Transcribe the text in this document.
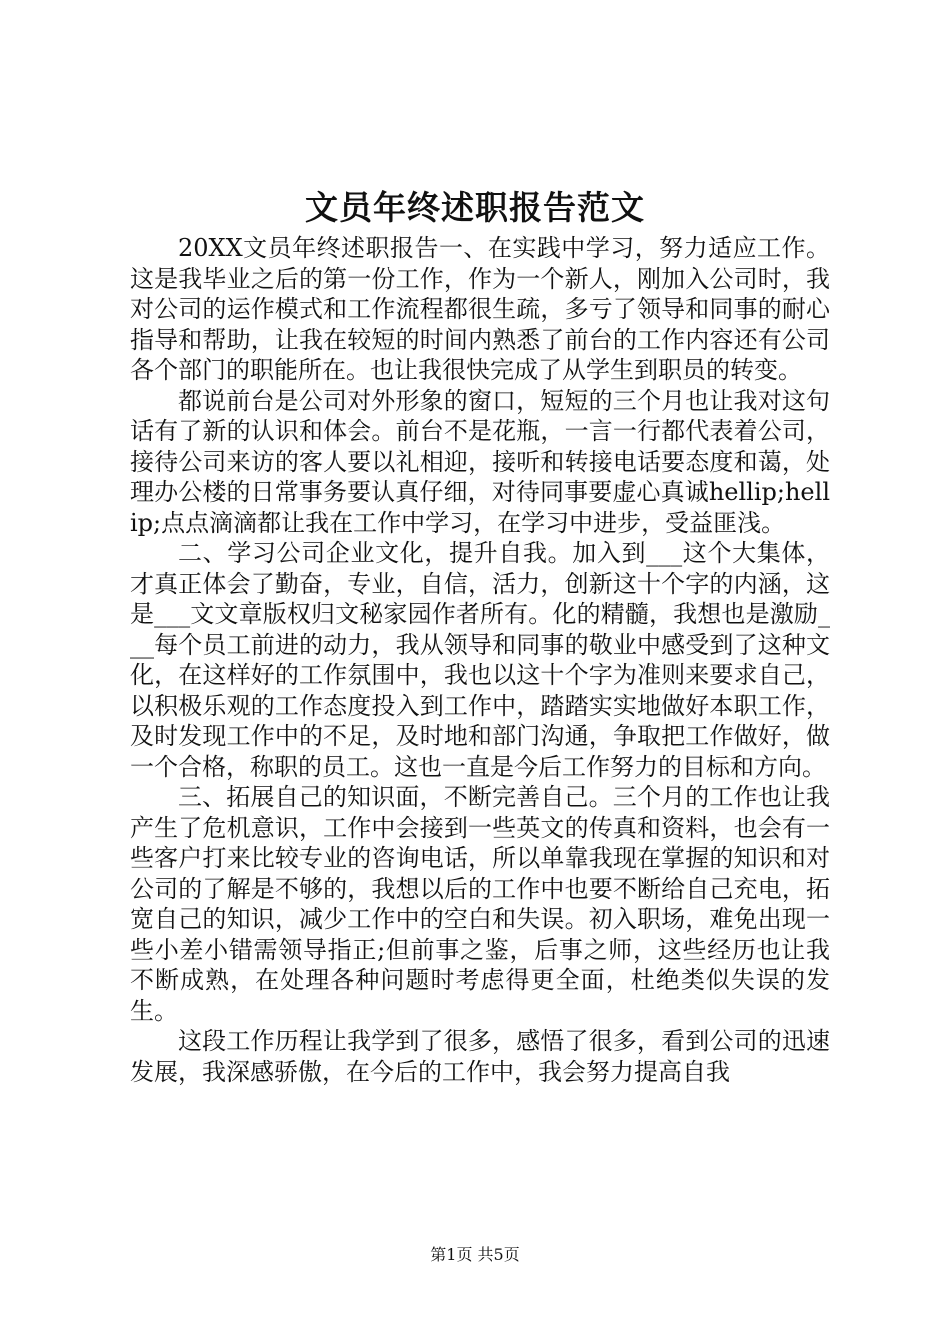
文员年终述职报告范文

20XX文员年终述职报告一、在实践中学习，努力适应工作。这是我毕业之后的第一份工作，作为一个新人，刚加入公司时，我对公司的运作模式和工作流程都很生疏，多亏了领导和同事的耐心指导和帮助，让我在较短的时间内熟悉了前台的工作内容还有公司各个部门的职能所在。也让我很快完成了从学生到职员的转变。

都说前台是公司对外形象的窗口，短短的三个月也让我对这句话有了新的认识和体会。前台不是花瓶，一言一行都代表着公司，接待公司来访的客人要以礼相迎，接听和转接电话要态度和蔼，处理办公楼的日常事务要认真仔细，对待同事要虚心真诚hellip;hellip;点点滴滴都让我在工作中学习，在学习中进步，受益匪浅。

二、学习公司企业文化，提升自我。加入到___这个大集体，才真正体会了勤奋，专业，自信，活力，创新这十个字的内涵，这是___文文章版权归文秘家园作者所有。化的精髓，我想也是激励___每个员工前进的动力，我从领导和同事的敬业中感受到了这种文化，在这样好的工作氛围中，我也以这十个字为准则来要求自己，以积极乐观的工作态度投入到工作中，踏踏实实地做好本职工作，及时发现工作中的不足，及时地和部门沟通，争取把工作做好，做一个合格，称职的员工。这也一直是今后工作努力的目标和方向。

三、拓展自己的知识面，不断完善自己。三个月的工作也让我产生了危机意识，工作中会接到一些英文的传真和资料，也会有一些客户打来比较专业的咨询电话，所以单靠我现在掌握的知识和对公司的了解是不够的，我想以后的工作中也要不断给自己充电，拓宽自己的知识，减少工作中的空白和失误。初入职场，难免出现一些小差小错需领导指正;但前事之鉴，后事之师，这些经历也让我不断成熟，在处理各种问题时考虑得更全面，杜绝类似失误的发生。

这段工作历程让我学到了很多，感悟了很多，看到公司的迅速发展，我深感骄傲，在今后的工作中，我会努力提高自我

第1页 共5页
